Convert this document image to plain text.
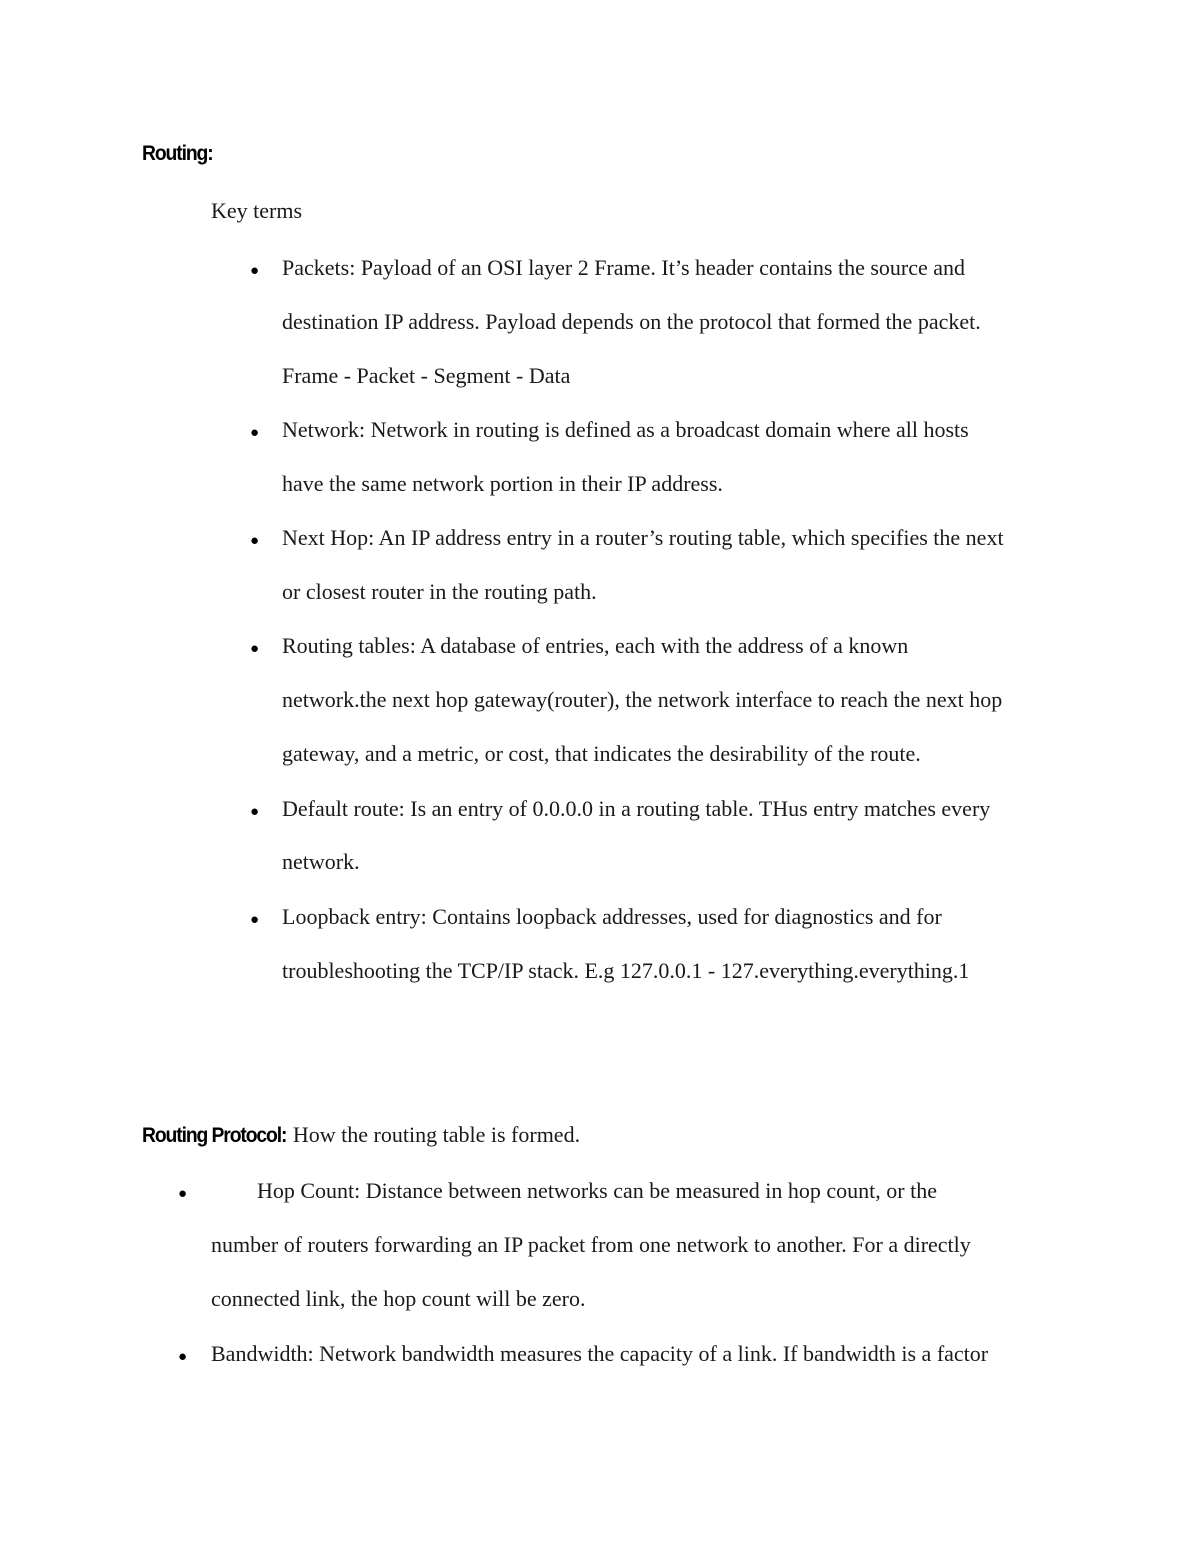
Routing:
Key terms
● Packets: Payload of an OSI layer 2 Frame. It’s header contains the source and
destination IP address. Payload depends on the protocol that formed the packet.
Frame - Packet - Segment - Data
● Network: Network in routing is defined as a broadcast domain where all hosts
have the same network portion in their IP address.
● Next Hop: An IP address entry in a router’s routing table, which specifies the next
or closest router in the routing path.
● Routing tables: A database of entries, each with the address of a known
network.the next hop gateway(router), the network interface to reach the next hop
gateway, and a metric, or cost, that indicates the desirability of the route.
● Default route: Is an entry of 0.0.0.0 in a routing table. THus entry matches every
network.
● Loopback entry: Contains loopback addresses, used for diagnostics and for
troubleshooting the TCP/IP stack. E.g 127.0.0.1 - 127.everything.everything.1
Routing Protocol: How the routing table is formed.
●	Hop Count: Distance between networks can be measured in hop count, or the
number of routers forwarding an IP packet from one network to another. For a directly
connected link, the hop count will be zero.
● Bandwidth: Network bandwidth measures the capacity of a link. If bandwidth is a factor
